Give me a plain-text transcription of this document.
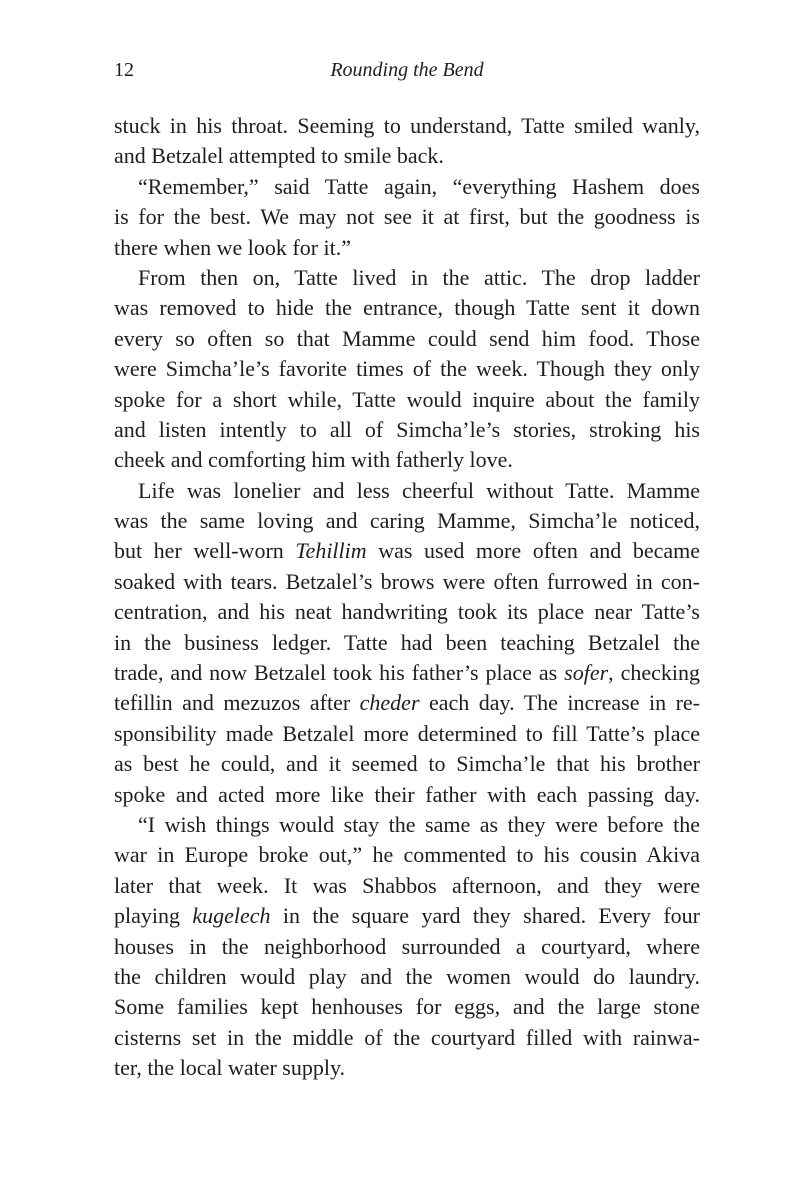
12	Rounding the Bend
stuck in his throat. Seeming to understand, Tatte smiled wanly,
and Betzalel attempted to smile back.
“Remember,” said Tatte again, “everything Hashem does
is for the best. We may not see it at first, but the goodness is
there when we look for it.”
From then on, Tatte lived in the attic. The drop ladder
was removed to hide the entrance, though Tatte sent it down
every so often so that Mamme could send him food. Those
were Simcha’le’s favorite times of the week. Though they only
spoke for a short while, Tatte would inquire about the family
and listen intently to all of Simcha’le’s stories, stroking his
cheek and comforting him with fatherly love.
Life was lonelier and less cheerful without Tatte. Mamme
was the same loving and caring Mamme, Simcha’le noticed,
but her well-worn Tehillim was used more often and became
soaked with tears. Betzalel’s brows were often furrowed in con-
centration, and his neat handwriting took its place near Tatte’s
in the business ledger. Tatte had been teaching Betzalel the
trade, and now Betzalel took his father’s place as sofer, checking
tefillin and mezuzos after cheder each day. The increase in re-
sponsibility made Betzalel more determined to fill Tatte’s place
as best he could, and it seemed to Simcha’le that his brother
spoke and acted more like their father with each passing day.
“I wish things would stay the same as they were before the
war in Europe broke out,” he commented to his cousin Akiva
later that week. It was Shabbos afternoon, and they were
playing kugelech in the square yard they shared. Every four
houses in the neighborhood surrounded a courtyard, where
the children would play and the women would do laundry.
Some families kept henhouses for eggs, and the large stone
cisterns set in the middle of the courtyard filled with rainwa-
ter, the local water supply.
